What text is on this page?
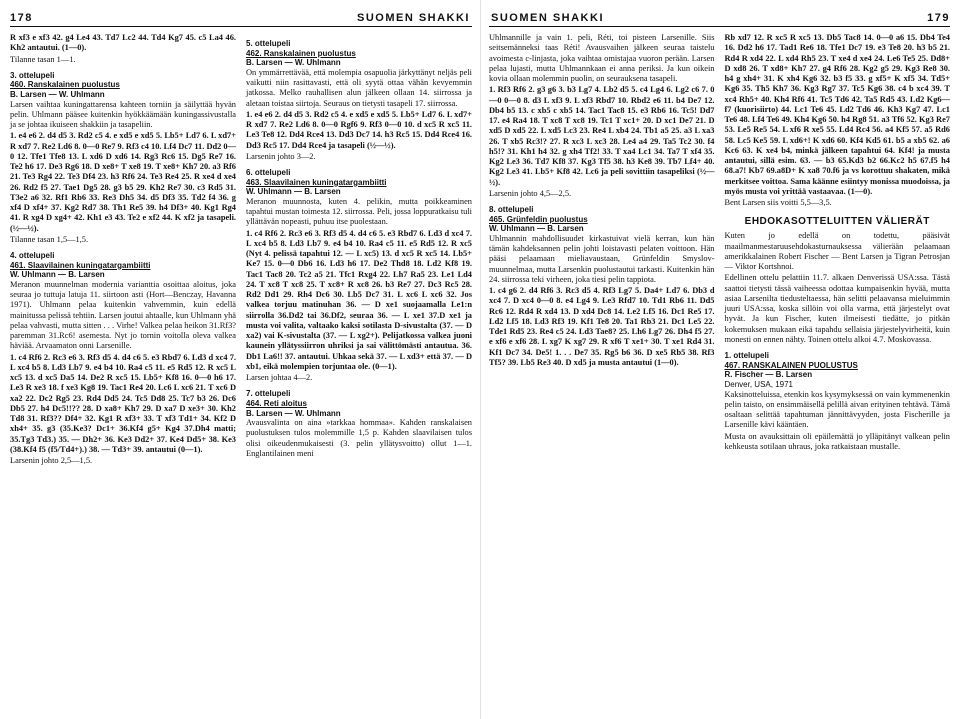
178	SUOMEN SHAKKI

R xf3 e xf3 42. g4 Le4 43. Td7 Lc2 44. Td4 Kg7 45. c5 La4 46. Kh2 antautui. (1—0).

Tilanne tasan 1—1.

3. ottelupeli
460. Ranskalainen puolustus
B. Larsen — W. Uhlmann

Larsen vaihtaa kuningattarensa kahteen torniin ja säilyttää hyvän pelin. Uhlmann pääsee kuitenkin hyökkäämään kuningassivustalla ja se johtaa ikuiseen shakkiin ja tasapeliin.

1. e4 e6 2. d4 d5 3. Rd2 c5 4. e xd5 e xd5 5. Lb5+ Ld7 6. L xd7+ R xd7 7. Re2 Ld6 8. 0—0 Re7 9. Rf3 c4 10. Lf4 Dc7 11. Dd2 0—0 12. Tfe1 Tfe8 13. L xd6 D xd6 14. Rg3 Rc6 15. Dg5 Re7 16. Te2 h6 17. De3 Rg6 18. D xe8+ T xe8 19. T xe8+ Kh7 20. a3 Rf6 21. Te3 Rg4 22. Te3 Df4 23. h3 Rf6 24. Te3 Re4 25. R xe4 d xe4 26. Rd2 f5 27. Tae1 Dg5 28. g3 b5 29. Kh2 Re7 30. c3 Rd5 31. T3e2 a6 32. Rf1 Rb6 33. Re3 Dh5 34. d5 Df3 35. Td2 f4 36. g xf4 D xf4+ 37. Kg2 Rd7 38. Th1 Re5 39. h4 Df3+ 40. Kg1 Rg4 41. R xg4 D xg4+ 42. Kh1 e3 43. Te2 e xf2 44. K xf2 ja tasapeli. (½—½).

Tilanne tasan 1,5—1,5.

4. ottelupeli
461. Slaavilainen kuningatargambiitti
W. Uhlmann — B. Larsen

Meranon muunnelman modernia varianttia osoittaa aloitus, joka seuraa jo tuttuja latuja 11. siirtoon asti (Hort—Benczay, Havanna 1971). Uhlmann pelaa kuitenkin vahvemmin, kuin edellä mainitussa pelissä tehtiin. Larsen joutui ahtaalle, kun Uhlmann yhä pelaa vahvasti, mutta sitten . . . Virhe! Valkea pelaa heikon 31.Rf3? paremman 31.Rc6! asemesta. Nyt jo tornin voitolla oleva valkea häviää. Arvaamaton onni Larsenille.

1. c4 Rf6 2. Rc3 e6 3. Rf3 d5 4. d4 c6 5. e3 Rbd7 6. Ld3 d xc4 7. L xc4 b5 8. Ld3 Lb7 9. e4 b4 10. Ra4 c5 11. e5 Rd5 12. R xc5 L xc5 13. d xc5 Da5 14. De2 R xc5 15. Lb5+ Kf8 16. 0—0 h6 17. Le3 R xe3 18. f xe3 Kg8 19. Tac1 Re4 20. Lc6 L xc6 21. T xc6 D xa2 22. Dc2 Rg5 23. Rd4 Dd5 24. Tc5 Dd8 25. Tc7 b3 26. Dc6 Db5 27. h4 Dc5!!?? 28. D xa8+ Kh7 29. D xa7 D xe3+ 30. Kh2 Td8 31. Rf3?? Df4+ 32. Kg1 R xf3+ 33. T xf3 Td1+ 34. Kf2 D xh4+ 35. g3 (35.Ke3? Dc1+ 36.Kf4 g5+ Kg4 37.Dh4 matti; 35.Tg3 Td3.) 35. — Dh2+ 36. Ke3 Dd2+ 37. Ke4 Dd5+ 38. Ke3 (38.Kf4 f5 (f5/Td4+).) 38. — Td3+ 39. antautui (0—1).

Larsenin johto 2,5—1,5.

5. ottelupeli
462. Ranskalainen puolustus
B. Larsen — W. Uhlmann

On ymmärrettävää, että molempia osapuolia järkyttänyt neljäs peli vaikutti niin rasittavasti, että oli syytä ottaa vähän kevyemmin jatkossa. Melko rauhallisen alun jälkeen ollaan 14. siirrossa ja aletaan toistaa siirtoja. Seuraus on tietysti tasapeli 17. siirrossa.

1. e4 e6 2. d4 d5 3. Rd2 c5 4. e xd5 e xd5 5. Lb5+ Ld7 6. L xd7+ R xd7 7. Re2 Ld6 8. 0—0 Rgf6 9. Rf3 0—0 10. d xc5 R xc5 11. Le3 Te8 12. Dd4 Rce4 13. Dd3 Dc7 14. h3 Rc5 15. Dd4 Rce4 16. Dd3 Rc5 17. Dd4 Rce4 ja tasapeli (½—½).

Larsenin johto 3—2.

6. ottelupeli
463. Slaavilainen kuningatargambiitti
W. Uhlmann — B. Larsen

Meranon muunnosta, kuten 4. pelikin, mutta poikkeaminen tapahtui mustan toimesta 12. siirrossa. Peli, jossa loppuratkaisu tuli yllättävän nopeasti, puhuu itse puolestaan.

1. c4 Rf6 2. Rc3 e6 3. Rf3 d5 4. d4 c6 5. e3 Rbd7 6. Ld3 d xc4 7. L xc4 b5 8. Ld3 Lb7 9. e4 b4 10. Ra4 c5 11. e5 Rd5 12. R xc5 (Nyt 4. pelissä tapahtui 12. — L xc5) 13. d xc5 R xc5 14. Lb5+ Ke7 15. 0—0 Db6 16. Ld3 h6 17. De2 Thd8 18. Ld2 Kf8 19. Tac1 Tac8 20. Tc2 a5 21. Tfc1 Rxg4 22. Lh7 Ra5 23. Le1 Ld4 24. T xc8 T xc8 25. T xc8+ R xc8 26. b3 Re7 27. Dc3 Rc5 28. Rd2 Dd1 29. Rh4 Dc6 30. Lb5 Dc7 31. L xc6 L xc6 32. Jos valkea torjuu matinuhan 36. — D xe1 suojaamalla Le1:n siirrolla 36.Dd2 tai 36.Df2, seuraa 36. — L xe1 37.D xe1 ja musta voi valita, valtaako kaksi sotilasta D-sivustalta (37. — D xa2) vai K-sivustalta (37. — L xg2+). Pelijatkossa valkea juoni kaunein yllätyssiirron uhriksi ja sai välittömästi antautua. 36. Db1 La6!! 37. antautui. Uhkaa sekä 37. — L xd3+ että 37. — D xb1, eikä molempien torjuntaa ole. (0—1).

Larsen johtaa 4—2.

7. ottelupeli
464. Reti aloitus
B. Larsen — W. Uhlmann

Avausvalinta on aina »tarkkaa hommaa». Kahden ranskalaisen puolustuksen tulos molemmille 1,5 p. Kahden slaavilaisen tulos olisi oikeudenmukaisesti (3. pelin yllätysvoitto) ollut 1—1. Englantilainen meni

SUOMEN SHAKKI	179

Uhlmannille ja vain 1. peli, Réti, toi pisteen Larsenille. Siis seitsemänneksi taas Réti! Avausvaihen jälkeen seuraa taistelu avoimesta c-linjasta, joka vaihtaa omistajaa vuoron perään. Larsen pelaa lujasti, mutta Uhlmannkaan ei anna periksi. Ja kun oikein kovia ollaan molemmin puolin, on seurauksena tasapeli.

1. Rf3 Rf6 2. g3 g6 3. b3 Lg7 4. Lb2 d5 5. c4 Lg4 6. Lg2 c6 7. 0—0 0—0 8. d3 L xf3 9. L xf3 Rbd7 10. Rbd2 e6 11. b4 De7 12. Db4 b5 13. c xb5 c xb5 14. Tac1 Tac8 15. e3 Rb6 16. Tc5! Dd7 17. e4 Ra4 18. T xc8 T xc8 19. Tc1 T xc1+ 20. D xc1 De7 21. D xd5 D xd5 22. L xd5 Lc3 23. Re4 L xb4 24. Tb1 a5 25. a3 L xa3 26. T xb5 Rc3!? 27. R xc3 L xc3 28. Le4 a4 29. Ta5 Tc2 30. f4 h5!? 31. Kh1 h4 32. g xh4 Tf2! 33. T xa4 Lc1 34. Ta7 T xf4 35. Kg2 Le3 36. Td7 Kf8 37. Kg3 Tf5 38. h3 Ke8 39. Tb7 Lf4+ 40. Kg2 Le3 41. Lb5+ Kf8 42. Lc6 ja peli sovittiin tasapeliksi (½—½).

Larsenin johto 4,5—2,5.

8. ottelupeli
465. Grünfeldin puolustus
W. Uhlmann — B. Larsen

Uhlmannin mahdollisuudet kirkastuivat vielä kerran, kun hän tämän kahdeksannen pelin johti loistavasti pelaten voittoon. Hän pääsi pelaamaan mieliavaustaan, Grünfeldin Smyslov-muunnelmaa, mutta Larsenkin puolustautui tarkasti. Kuitenkin hän 24. siirrossa teki virheen, joka tiesi pelin tappiota.

1. c4 g6 2. d4 Rf6 3. Rc3 d5 4. Rf3 Lg7 5. Da4+ Ld7 6. Db3 d xc4 7. D xc4 0—0 8. e4 Lg4 9. Le3 Rfd7 10. Td1 Rb6 11. Dd5 Rc6 12. Rd4 R xd4 13. D xd4 Dc8 14. Le2 Lf5 16. Dc1 Re5 17. Ld2 Lf5 18. Ld3 Rf3 19. Kf1 Te8 20. Ta1 Rb3 21. Dc1 Le5 22. Tde1 Rd5 23. Re4 c5 24. Ld3 Tae8? 25. Lh6 Lg7 26. Dh4 f5 27. e xf6 e xf6 28. L xg7 K xg7 29. R xf6 T xe1+ 30. T xe1 Rd4 31. Kf1 Dc7 34. De5! 1. . . De7 35. Rg5 b6 36. D xe5 Rb5 38. Rf3 Tf5? 39. Lb5 Re3 40. D xd5 ja musta antautui (1—0).

Rb xd7 12. R xc5 R xc5 13. Db5 Tac8 14. 0—0 a6 15. Db4 Te4 16. Dd2 h6 17. Tad1 Re6 18. Tfe1 Dc7 19. e3 Te8 20. h3 b5 21. Rd4 R xd4 22. L xd4 Rh5 23. T xe4 d xe4 24. Le6 Te5 25. Dd8+ D xd8 26. T xd8+ Kh7 27. g4 Rf6 28. Kg2 g5 29. Kg3 Re8 30. h4 g xh4+ 31. K xh4 Kg6 32. b3 f5 33. g xf5+ K xf5 34. Td5+ Kg6 35. Th5 Kh7 36. Kg3 Rg7 37. Tc5 Kg6 38. c4 b xc4 39. T xc4 Rh5+ 40. Kh4 Rf6 41. Tc5 Td6 42. Ta5 Rd5 43. Ld2 Kg6—f7 (kuorisiirto) 44. Lc1 Te6 45. Ld2 Td6 46. Kh3 Kg7 47. Lc1 Te6 48. Lf4 Te6 49. Kh4 Kg6 50. h4 Rg8 51. a3 Tf6 52. Kg3 Re7 53. Le5 Re5 54. L xf6 R xe5 55. Ld4 Rc4 56. a4 Kf5 57. a5 Rd6 58. Lc5 Ke5 59. L xd6+! K xd6 60. Kf4 Kd5 61. b5 a xb5 62. a6 Kc6 63. K xe4 b4, minkä jälkeen tapahtui 64. Kf4! ja musta antautui, sillä esim. 63. — b3 65.Kd3 b2 66.Kc2 h5 67.f5 h4 68.a7! Kb7 69.a8D+ K xa8 70.f6 ja vs korottuu shakaten, mikä merkitsee voittoa. Sama käänne esiintyy monissa muodoissa, ja myös musta voi yrittää vastaavaa. (1—0).

Bent Larsen siis voitti 5,5—3,5.

EHDOKASOTTELUITTEN VÄLIERÄT

Kuten jo edellä on todettu, pääsivät maailmanmestaruusehdokasturnauksessa välierään pelaamaan amerikkalainen Robert Fischer — Bent Larsen ja Tigran Petrosjan — Viktor Kortshnoi.

Edellinen ottelu pelattiin 11.7. alkaen Denverissä USA:ssa. Tästä saattoi tietysti tässä vaiheessa odottaa kumpaisenkin hyvää, mutta asiaa Larsenilta tiedusteltaessa, hän selitti pelaavansa mieluimmin juuri USA:ssa, koska sillöin voi olla varma, että järjestelyt ovat hyvät. Ja kun Fischer, kuten ilmeisesti tiedätte, jo pitkän kokemuksen mukaan eikä tapahdu sellaisia järjestelyvirheitä, kuin monesti on ennen nähty. Toinen ottelu alkoi 4.7. Moskovassa.

1. ottelupeli
467. RANSKALAINEN PUOLUSTUS
R. Fischer — B. Larsen
Denver, USA, 1971

Kaksinotteluissa, etenkin kos kysymyksessä on vain kymmenenkin pelin taisto, on ensimmäisellä pelillä aivan erityinen tehtävä. Tämä osaltaan selittää tapahtuman jännittävyyden, josta Fischerille ja Larsenille kävi kääntäen.

Musta on avauksittain oli epäilemättä jo ylläpitänyt valkean pelin kehkeusta sotilaan uhraus, joka ratkaistaan mustalle.
